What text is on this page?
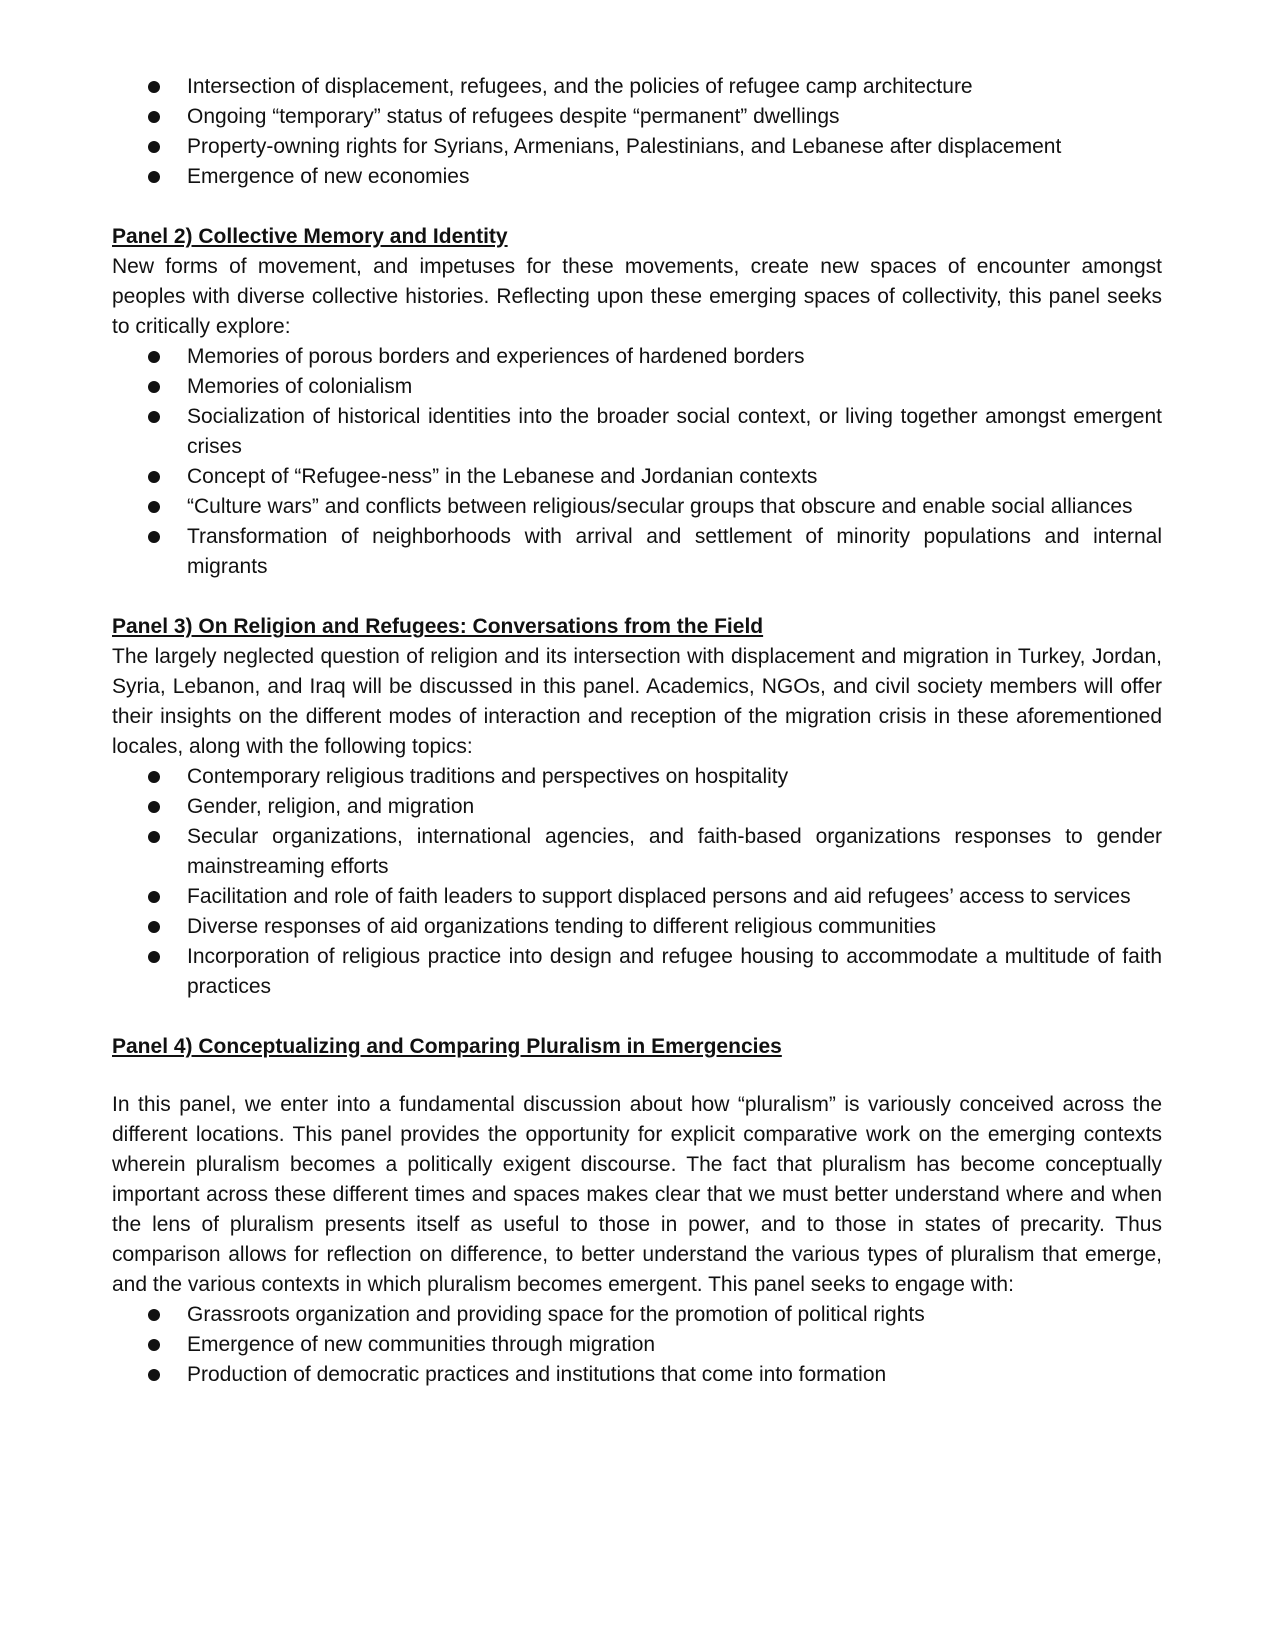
Intersection of displacement, refugees, and the policies of refugee camp architecture
Ongoing “temporary” status of refugees despite “permanent” dwellings
Property-owning rights for Syrians, Armenians, Palestinians, and Lebanese after displacement
Emergence of new economies
Panel 2) Collective Memory and Identity

New forms of movement, and impetuses for these movements, create new spaces of encounter amongst peoples with diverse collective histories. Reflecting upon these emerging spaces of collectivity, this panel seeks to critically explore:

Memories of porous borders and experiences of hardened borders
Memories of colonialism
Socialization of historical identities into the broader social context, or living together amongst emergent crises
Concept of “Refugee-ness” in the Lebanese and Jordanian contexts
“Culture wars” and conflicts between religious/secular groups that obscure and enable social alliances
Transformation of neighborhoods with arrival and settlement of minority populations and internal migrants
Panel 3) On Religion and Refugees: Conversations from the Field

The largely neglected question of religion and its intersection with displacement and migration in Turkey, Jordan, Syria, Lebanon, and Iraq will be discussed in this panel. Academics, NGOs, and civil society members will offer their insights on the different modes of interaction and reception of the migration crisis in these aforementioned locales, along with the following topics:

Contemporary religious traditions and perspectives on hospitality
Gender, religion, and migration
Secular organizations, international agencies, and faith-based organizations responses to gender mainstreaming efforts
Facilitation and role of faith leaders to support displaced persons and aid refugees’ access to services
Diverse responses of aid organizations tending to different religious communities
Incorporation of religious practice into design and refugee housing to accommodate a multitude of faith practices
Panel 4) Conceptualizing and Comparing Pluralism in Emergencies

In this panel, we enter into a fundamental discussion about how “pluralism” is variously conceived across the different locations. This panel provides the opportunity for explicit comparative work on the emerging contexts wherein pluralism becomes a politically exigent discourse. The fact that pluralism has become conceptually important across these different times and spaces makes clear that we must better understand where and when the lens of pluralism presents itself as useful to those in power, and to those in states of precarity. Thus comparison allows for reflection on difference, to better understand the various types of pluralism that emerge, and the various contexts in which pluralism becomes emergent. This panel seeks to engage with:

Grassroots organization and providing space for the promotion of political rights
Emergence of new communities through migration
Production of democratic practices and institutions that come into formation
